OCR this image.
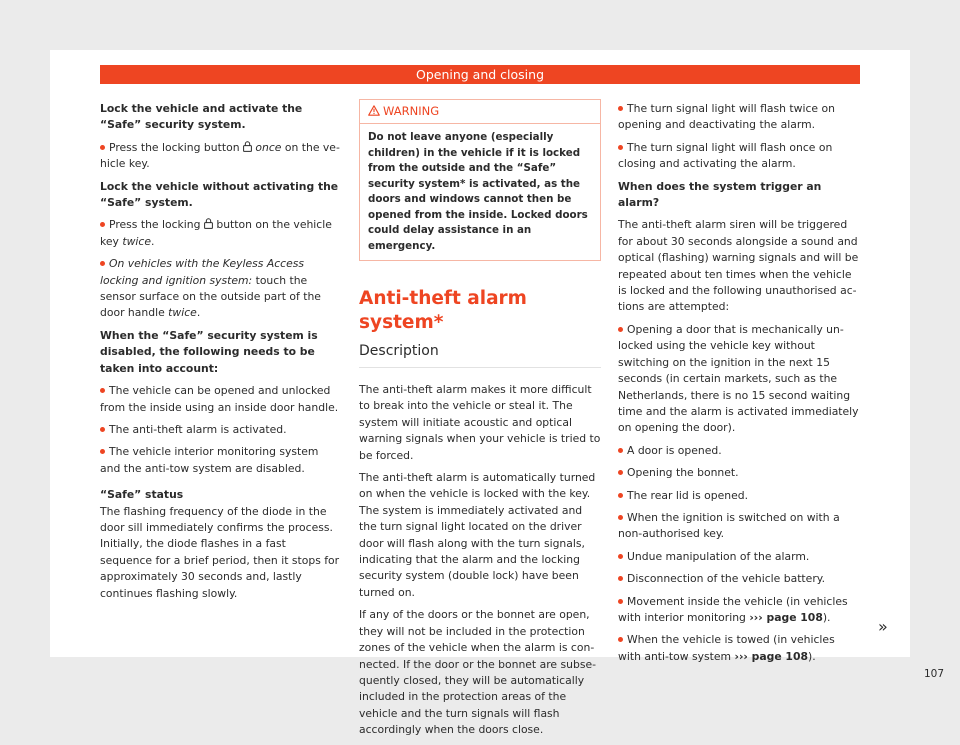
Opening and closing

Lock the vehicle and activate the “Safe” security system.

Press the locking button  once on the vehicle key.

Lock the vehicle without activating the “Safe” system.

Press the locking  button on the vehicle key twice.

On vehicles with the Keyless Access locking and ignition system: touch the sensor surface on the outside part of the door handle twice.

When the “Safe” security system is disabled, the following needs to be taken into account:

The vehicle can be opened and unlocked from the inside using an inside door handle.

The anti-theft alarm is activated.

The vehicle interior monitoring system and the anti-tow system are disabled.

“Safe” status
The flashing frequency of the diode in the door sill immediately confirms the process. Initially, the diode flashes in a fast sequence for a brief period, then it stops for approximately 30 seconds and, lastly continues flashing slowly.

WARNING
Do not leave anyone (especially children) in the vehicle if it is locked from the outside and the “Safe” security system* is activated, as the doors and windows cannot then be opened from the inside. Locked doors could delay assistance in an emergency.
Anti-theft alarm system*
Description

The anti-theft alarm makes it more difficult to break into the vehicle or steal it. The system will initiate acoustic and optical warning signals when your vehicle is tried to be forced.

The anti-theft alarm is automatically turned on when the vehicle is locked with the key. The system is immediately activated and the turn signal light located on the driver door will flash along with the turn signals, indicating that the alarm and the locking security system (double lock) have been turned on.

If any of the doors or the bonnet are open, they will not be included in the protection zones of the vehicle when the alarm is connected. If the door or the bonnet are subsequently closed, they will be automatically included in the protection areas of the vehicle and the turn signals will flash accordingly when the doors close.

The turn signal light will flash twice on opening and deactivating the alarm.

The turn signal light will flash once on closing and activating the alarm.

When does the system trigger an alarm?

The anti-theft alarm siren will be triggered for about 30 seconds alongside a sound and optical (flashing) warning signals and will be repeated about ten times when the vehicle is locked and the following unauthorised actions are attempted:

Opening a door that is mechanically unlocked using the vehicle key without switching on the ignition in the next 15 seconds (in certain markets, such as the Netherlands, there is no 15 second waiting time and the alarm is activated immediately on opening the door).

A door is opened.

Opening the bonnet.

The rear lid is opened.

When the ignition is switched on with a non-authorised key.

Undue manipulation of the alarm.

Disconnection of the vehicle battery.

Movement inside the vehicle (in vehicles with interior monitoring ››› page 108).

When the vehicle is towed (in vehicles with anti-tow system ››› page 108).

»
107
